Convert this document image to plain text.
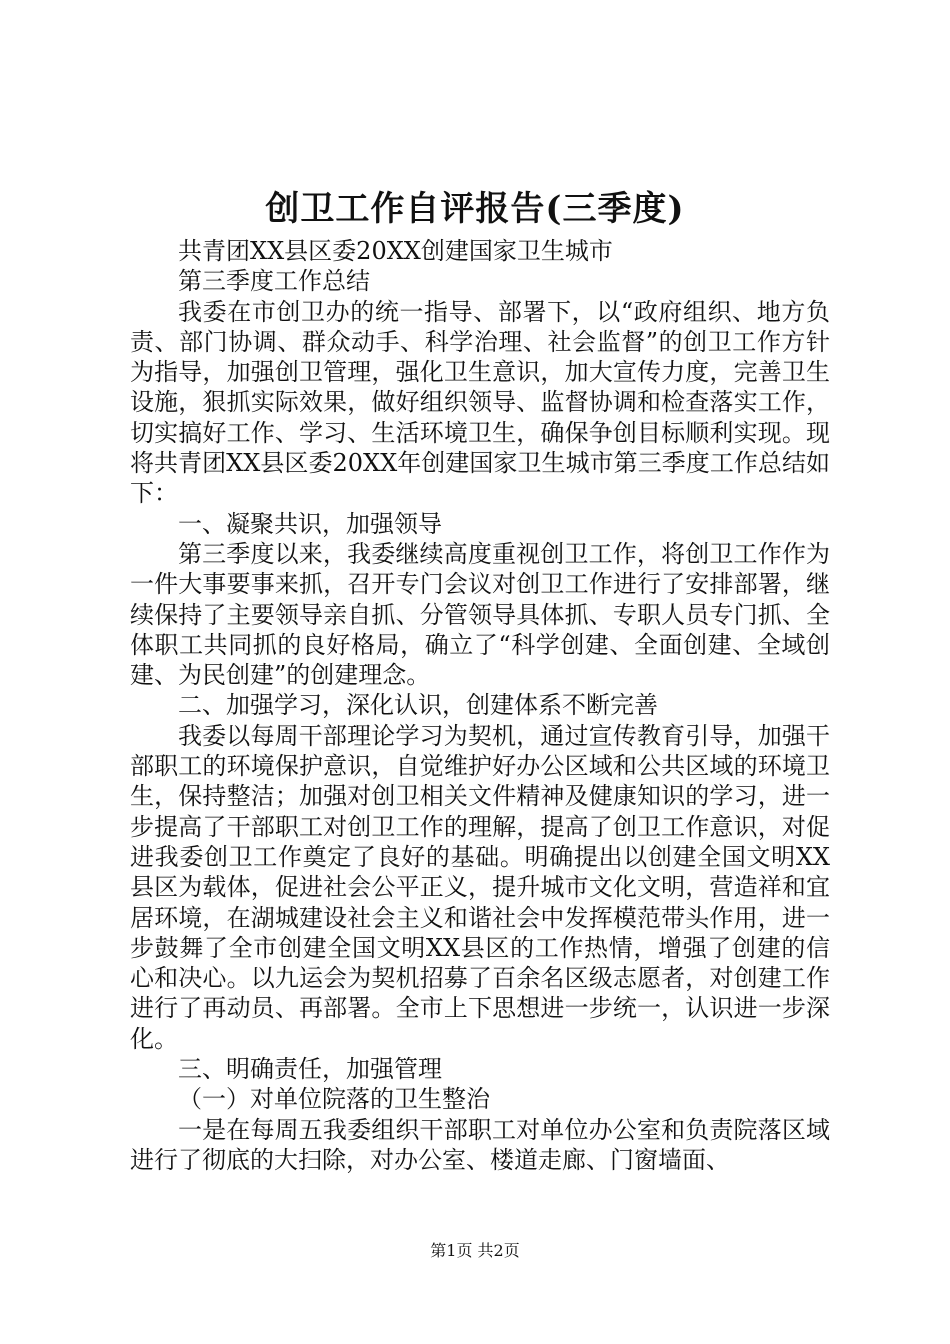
创卫工作自评报告(三季度)

共青团XX县区委20XX创建国家卫生城市

第三季度工作总结

我委在市创卫办的统一指导、部署下，以“政府组织、地方负责、部门协调、群众动手、科学治理、社会监督”的创卫工作方针为指导，加强创卫管理，强化卫生意识，加大宣传力度，完善卫生设施，狠抓实际效果，做好组织领导、监督协调和检查落实工作，切实搞好工作、学习、生活环境卫生，确保争创目标顺利实现。现将共青团XX县区委20XX年创建国家卫生城市第三季度工作总结如下：

一、凝聚共识，加强领导

第三季度以来，我委继续高度重视创卫工作，将创卫工作作为一件大事要事来抓，召开专门会议对创卫工作进行了安排部署，继续保持了主要领导亲自抓、分管领导具体抓、专职人员专门抓、全体职工共同抓的良好格局，确立了“科学创建、全面创建、全域创建、为民创建”的创建理念。

二、加强学习，深化认识，创建体系不断完善

我委以每周干部理论学习为契机，通过宣传教育引导，加强干部职工的环境保护意识，自觉维护好办公区域和公共区域的环境卫生，保持整洁；加强对创卫相关文件精神及健康知识的学习，进一步提高了干部职工对创卫工作的理解，提高了创卫工作意识，对促进我委创卫工作奠定了良好的基础。明确提出以创建全国文明XX县区为载体，促进社会公平正义，提升城市文化文明，营造祥和宜居环境，在湖城建设社会主义和谐社会中发挥模范带头作用，进一步鼓舞了全市创建全国文明XX县区的工作热情，增强了创建的信心和决心。以九运会为契机招募了百余名区级志愿者，对创建工作进行了再动员、再部署。全市上下思想进一步统一，认识进一步深化。

三、明确责任，加强管理

（一）对单位院落的卫生整治

一是在每周五我委组织干部职工对单位办公室和负责院落区域进行了彻底的大扫除，对办公室、楼道走廊、门窗墙面、

第1页 共2页
